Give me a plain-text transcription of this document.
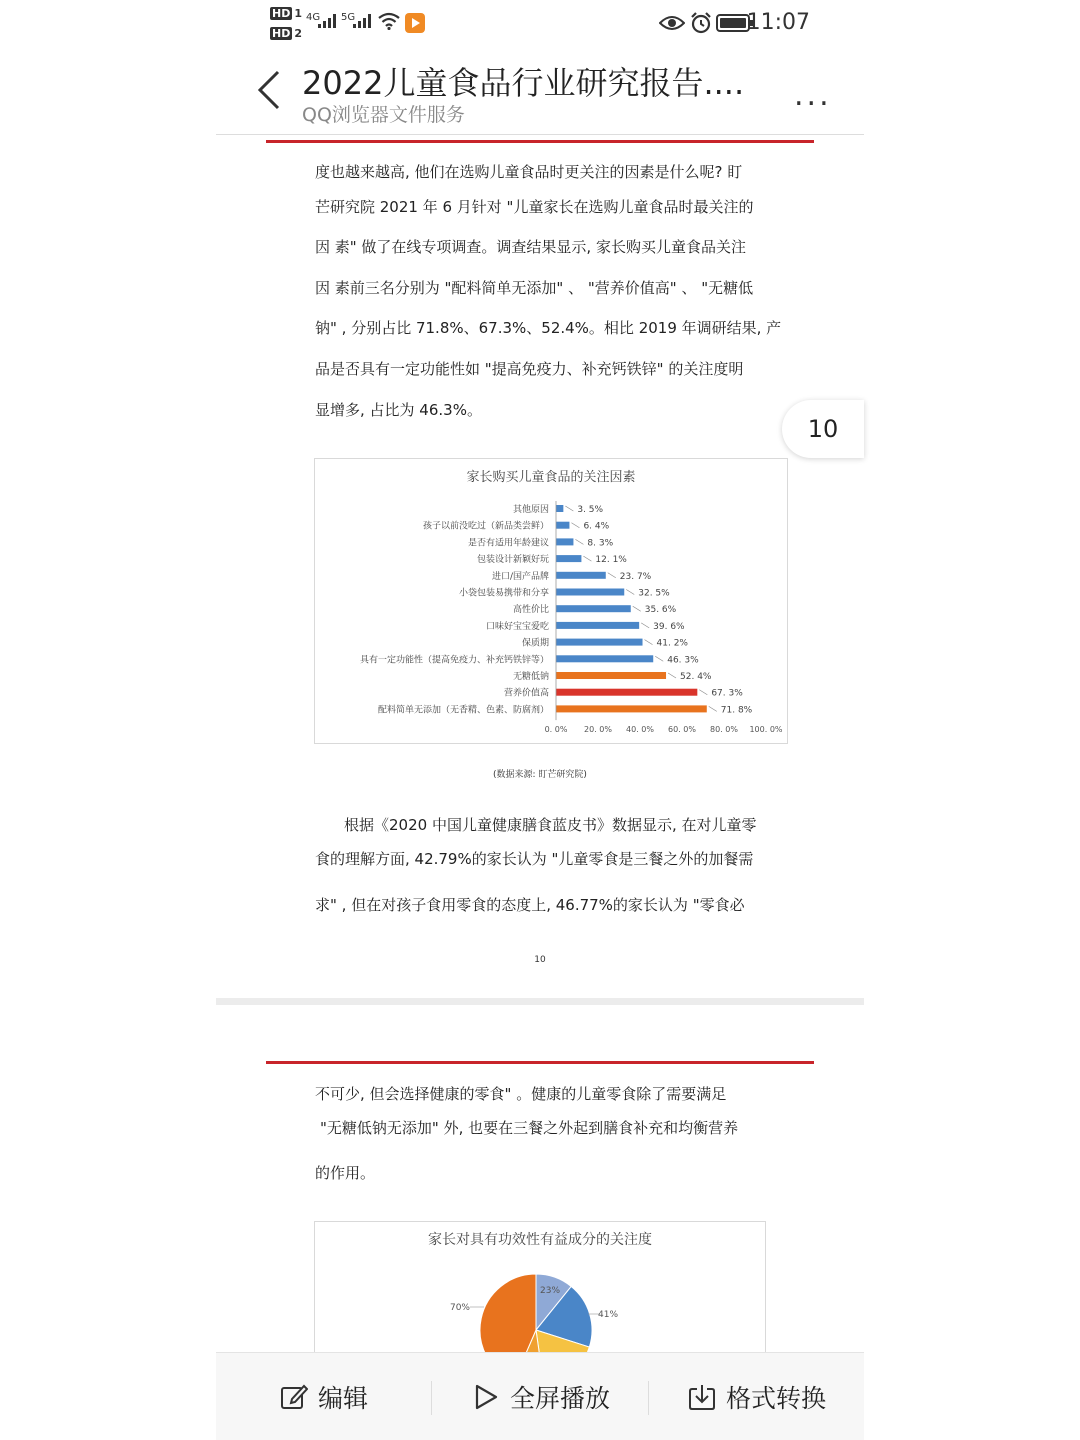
HD 1
HD 2
4G 5G	11:07
2022儿童食品行业研究报告....
QQ浏览器文件服务
...
度也越来越高, 他们在选购儿童食品时更关注的因素是什么呢? 盯
芒研究院 2021 年 6 月针对 "儿童家长在选购儿童食品时最关注的
因 素" 做了在线专项调查。调查结果显示, 家长购买儿童食品关注
因 素前三名分别为 "配料简单无添加" 、 "营养价值高" 、 "无糖低
钠" , 分别占比 71.8%、67.3%、52.4%。相比 2019 年调研结果, 产
品是否具有一定功能性如 "提高免疫力、补充钙铁锌" 的关注度明
显增多, 占比为 46.3%。
10
家长购买儿童食品的关注因素
其他原因	3. 5%
孩子以前没吃过（新品类尝鲜）	6. 4%
是否有适用年龄建议	8. 3%
包装设计新颖好玩	12. 1%
进口/国产品牌	23. 7%
小袋包装易携带和分享	32. 5%
高性价比	35. 6%
口味好宝宝爱吃	39. 6%
保质期	41. 2%
具有一定功能性（提高免疫力、补充钙铁锌等）	46. 3%
无糖低钠	52. 4%
营养价值高	67. 3%
配料简单无添加（无香精、色素、防腐剂）	71. 8%
0. 0% 20. 0% 40. 0% 60. 0% 80. 0% 100. 0%
(数据来源: 盯芒研究院)
根据《2020 中国儿童健康膳食蓝皮书》数据显示, 在对儿童零
食的理解方面, 42.79%的家长认为 "儿童零食是三餐之外的加餐需
求" , 但在对孩子食用零食的态度上, 46.77%的家长认为 "零食必
10
不可少, 但会选择健康的零食" 。健康的儿童零食除了需要满足
"无糖低钠无添加" 外, 也要在三餐之外起到膳食补充和均衡营养
的作用。
家长对具有功效性有益成分的关注度
23%
41%
70%
编辑	全屏播放	格式转换
